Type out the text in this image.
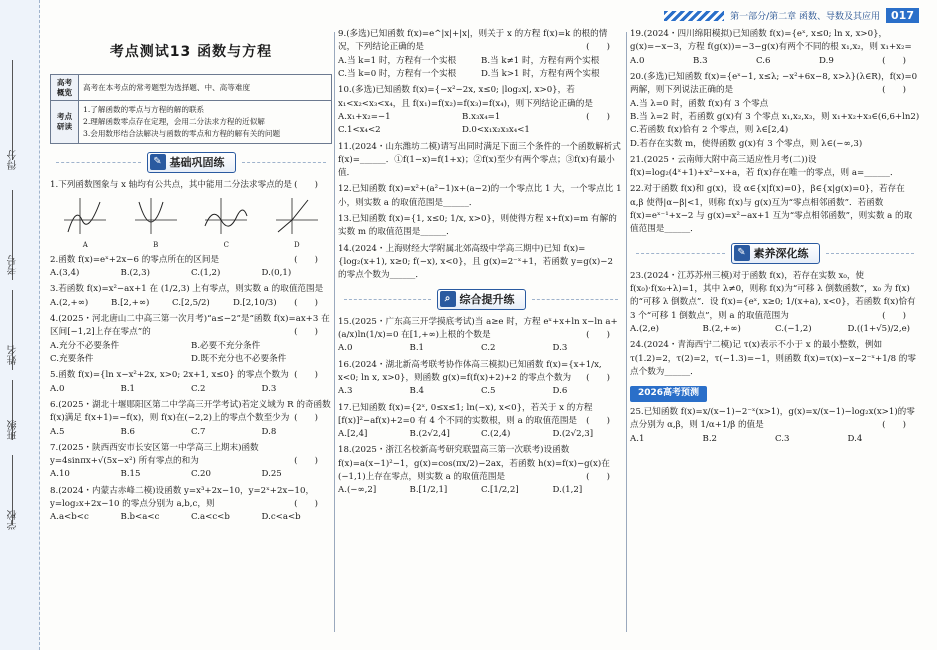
得分
考号
姓名
班级
学校
第一部分/第二章 函数、导数及其应用	017
考点测试13 函数与方程
高考概览	高考在本考点的常考题型为选择题、中、高等难度
考点研读	1.了解函数的零点与方程的解的联系
2.理解函数零点存在定理，会用二分法求方程的近似解
3.会用数形结合法解决与函数的零点和方程的解有关的问题
✎ 基础巩固练
1.下列函数图象与 x 轴均有公共点，其中能用二分法求零点的是 (　　)
A	B	C	D
2.函数 f(x)=eˣ+2x−6 的零点所在的区间是	(　　)
A.(3,4)	B.(2,3)	C.(1,2)	D.(0,1)
3.若函数 f(x)=x²−ax+1 在 (1/2,3) 上有零点，则实数 a 的取值范围是
(　　)
A.(2,+∞)	B.[2,+∞)	C.[2,5/2)	D.[2,10/3)
4.(2025・河北唐山二中高三第一次月考)“a≤−2”是“函数 f(x)=ax+3 在区间[−1,2]上存在零点”的	(　　)
A.充分不必要条件	B.必要不充分条件
C.充要条件	D.既不充分也不必要条件
5.函数 f(x)={ln x−x²+2x, x>0; 2x+1, x≤0} 的零点个数为 (　　)
A.0	B.1	C.2	D.3
6.(2025・湖北十堰郧阳区第二中学高三开学考试)若定义域为 R 的奇函数 f(x)满足 f(x+1)=−f(x)，则 f(x)在(−2,2)上的零点个数至少为 (　　)
A.5	B.6	C.7	D.8
7.(2025・陕西西安市长安区第一中学高三上期末)函数 y=4sinπx+√(5x−x²) 所有零点的和为	(　　)
A.10	B.15	C.20	D.25
8.(2024・内蒙古赤峰二模)设函数 y=x³+2x−10，y=2ˣ+2x−10，y=log₂x+2x−10 的零点分别为 a,b,c，则	(　　)
A.a<b<c	B.b<a<c	C.a<c<b	D.c<a<b
9.(多选)已知函数 f(x)=e^|x|+|x|，则关于 x 的方程 f(x)=k 的根的情况，下列结论正确的是	(　　)
A.当 k=1 时，方程有一个实根	B.当 k≠1 时，方程有两个实根
C.当 k=0 时，方程有一个实根	D.当 k>1 时，方程有两个实根
10.(多选)已知函数 f(x)={−x²−2x, x≤0; |log₂x|, x>0}，若 x₁<x₂<x₃<x₄，且 f(x₁)=f(x₂)=f(x₃)=f(x₄)，则下列结论正确的是
(　　)
A.x₁+x₂=−1	B.x₃x₄=1
C.1<x₄<2	D.0<x₁x₂x₃x₄<1
11.(2024・山东潍坊二模)请写出同时满足下面三个条件的一个函数解析式 f(x)=______．①f(1−x)=f(1+x)；②f(x)至少有两个零点；③f(x)有最小值．
12.已知函数 f(x)=x²+(a²−1)x+(a−2)的一个零点比 1 大，一个零点比 1 小，则实数 a 的取值范围是______．
13.已知函数 f(x)={1, x≤0; 1/x, x>0}，则使得方程 x+f(x)=m 有解的实数 m 的取值范围是______．
14.(2024・上海财经大学附属北郊高级中学高三期中)已知 f(x)={log₂(x+1), x≥0; f(−x), x<0}，且 g(x)=2⁻ˣ+1，若函数 y=g(x)−2 的零点个数为______．
⌕ 综合提升练
15.(2025・广东高三开学摸底考试)当 a≥e 时，方程 eˣ+x+ln x−ln a+(a/x)ln(1/x)=0 在[1,+∞)上根的个数是	(　　)
A.0	B.1	C.2	D.3
16.(2024・湖北新高考联考协作体高三模拟)已知函数 f(x)={x+1/x, x<0; ln x, x>0}，则函数 g(x)=f(f(x)+2)+2 的零点个数为 (　　)
A.3	B.4	C.5	D.6
17.已知函数 f(x)={2ˣ, 0≤x≤1; ln(−x), x<0}，若关于 x 的方程[f(x)]²−af(x)+2=0 有 4 个不同的实数根，则 a 的取值范围是 (　　)
A.[2,4]	B.(2√2,4]	C.(2,4)	D.(2√2,3]
18.(2025・浙江名校新高考研究联盟高三第一次联考)设函数 f(x)=a(x−1)²−1，g(x)=cos(πx/2)−2ax，若函数 h(x)=f(x)−g(x)在(−1,1)上存在零点，则实数 a 的取值范围是	(　　)
A.(−∞,2]	B.[1/2,1]	C.[1/2,2]	D.(1,2]
19.(2024・四川绵阳模拟)已知函数 f(x)={eˣ, x≤0; ln x, x>0}，g(x)=−x−3，方程 f(g(x))=−3−g(x)有两个不同的根 x₁,x₂，则 x₁+x₂=
(　　)
A.0	B.3	C.6	D.9
20.(多选)已知函数 f(x)={eˣ−1, x≤λ; −x²+6x−8, x>λ}(λ∈R)，f(x)=0 两解，则下列说法正确的是	(　　)
A.当 λ=0 时，函数 f(x)有 3 个零点
B.当 λ=2 时，若函数 g(x)有 3 个零点 x₁,x₂,x₃，则 x₁+x₂+x₃∈(6,6+ln2)
C.若函数 f(x)恰有 2 个零点，则 λ∈[2,4)
D.若存在实数 m，使得函数 g(x)有 3 个零点，则 λ∈(−∞,3)
21.(2025・云南师大附中高三适应性月考(二))设 f(x)=log₂(4ˣ+1)+x²−x+a，若 f(x)存在唯一的零点，则 a=______．
22.对于函数 f(x)和 g(x)，设 α∈{x|f(x)=0}，β∈{x|g(x)=0}，若存在 α,β 使得|α−β|<1，则称 f(x)与 g(x)互为“零点相邻函数”．若函数 f(x)=eˣ⁻¹+x−2 与 g(x)=x²−ax+1 互为“零点相邻函数”，则实数 a 的取值范围是______．
✎ 素养深化练
23.(2024・江苏苏州三模)对于函数 f(x)，若存在实数 x₀，使 f(x₀)·f(x₀+λ)=1，其中 λ≠0，则称 f(x)为“可移 λ 倒数函数”，x₀ 为 f(x)的“可移 λ 倒数点”．设 f(x)={eˣ, x≥0; 1/(x+a), x<0}，若函数 f(x)恰有 3 个“可移 1 倒数点”，则 a 的取值范围为	(　　)
A.(2,e)	B.(2,+∞)	C.(−1,2)	D.((1+√5)/2,e)
24.(2024・青海西宁二模)记 τ(x)表示不小于 x 的最小整数，例如 τ(1.2)=2，τ(2)=2，τ(−1.3)=−1，则函数 f(x)=τ(x)−x−2⁻ˣ+1/8 的零点个数为______．
2026高考预测
25.已知函数 f(x)=x/(x−1)−2⁻ˣ(x>1)，g(x)=x/(x−1)−log₂x(x>1)的零点分别为 α,β，则 1/α+1/β 的值是	(　　)
A.1	B.2	C.3	D.4
